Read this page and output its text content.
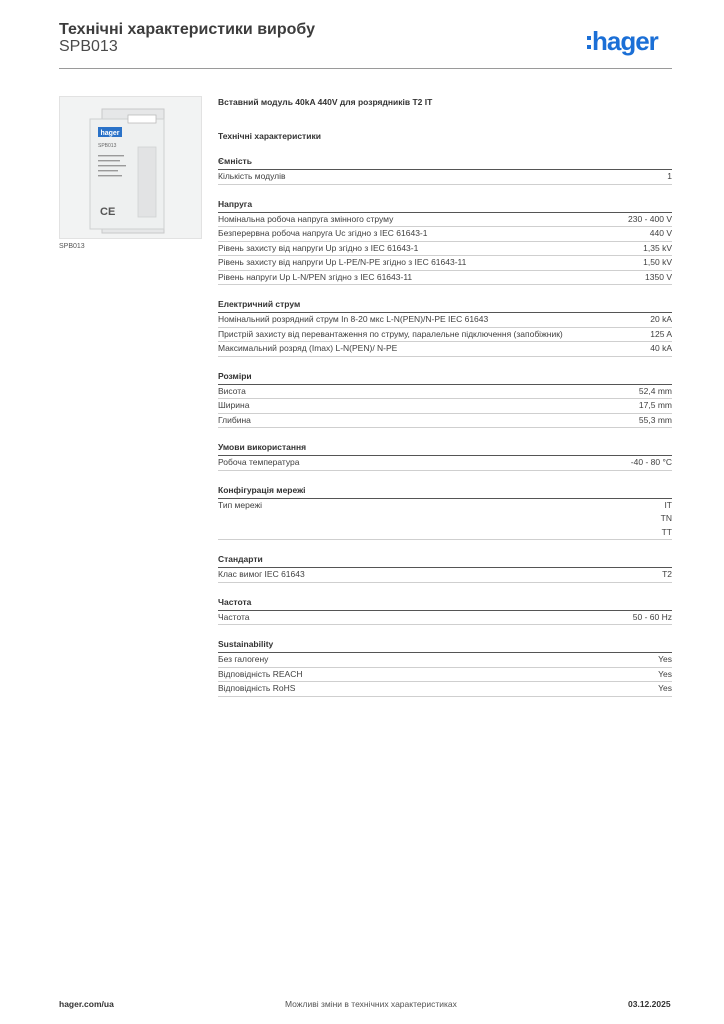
Технічні характеристики виробу
SPB013	hager
hager
SPB013
CE
SPB013
Вставний модуль 40kA 440V для розрядників Т2 IT
Технічні характеристики
Ємність
Кількість модулів	1
Напруга
Номінальна робоча напруга змінного струму	230 - 400 V
Безперервна робоча напруга Uc згідно з IEC 61643-1	440 V
Рівень захисту від напруги Up згідно з IEC 61643-1	1,35 kV
Рівень захисту від напруги Up L-PE/N-PE згідно з IEC 61643-11	1,50 kV
Рівень напруги Up L-N/PEN згідно з IEC 61643-11	1350 V
Електричний струм
Номінальний розрядний струм In 8-20 мкс L-N(PEN)/N-PE IEC 61643	20 kA
Пристрій захисту від перевантаження по струму, паралельне підключення (запобіжник)	125 A
Максимальний розряд (Imax) L-N(PEN)/ N-PE	40 kA
Розміри
Висота	52,4 mm
Ширина	17,5 mm
Глибина	55,3 mm
Умови використання
Робоча температура	-40 - 80 °C
Конфігурація мережі
Тип мережі	IT
TN
TT
Стандарти
Клас вимог IEC 61643	T2
Частота
Частота	50 - 60 Hz
Sustainability
Без галогену	Yes
Відповідність REACH	Yes
Відповідність RoHS	Yes
hager.com/ua	Можливі зміни в технічних характеристиках	03.12.2025
